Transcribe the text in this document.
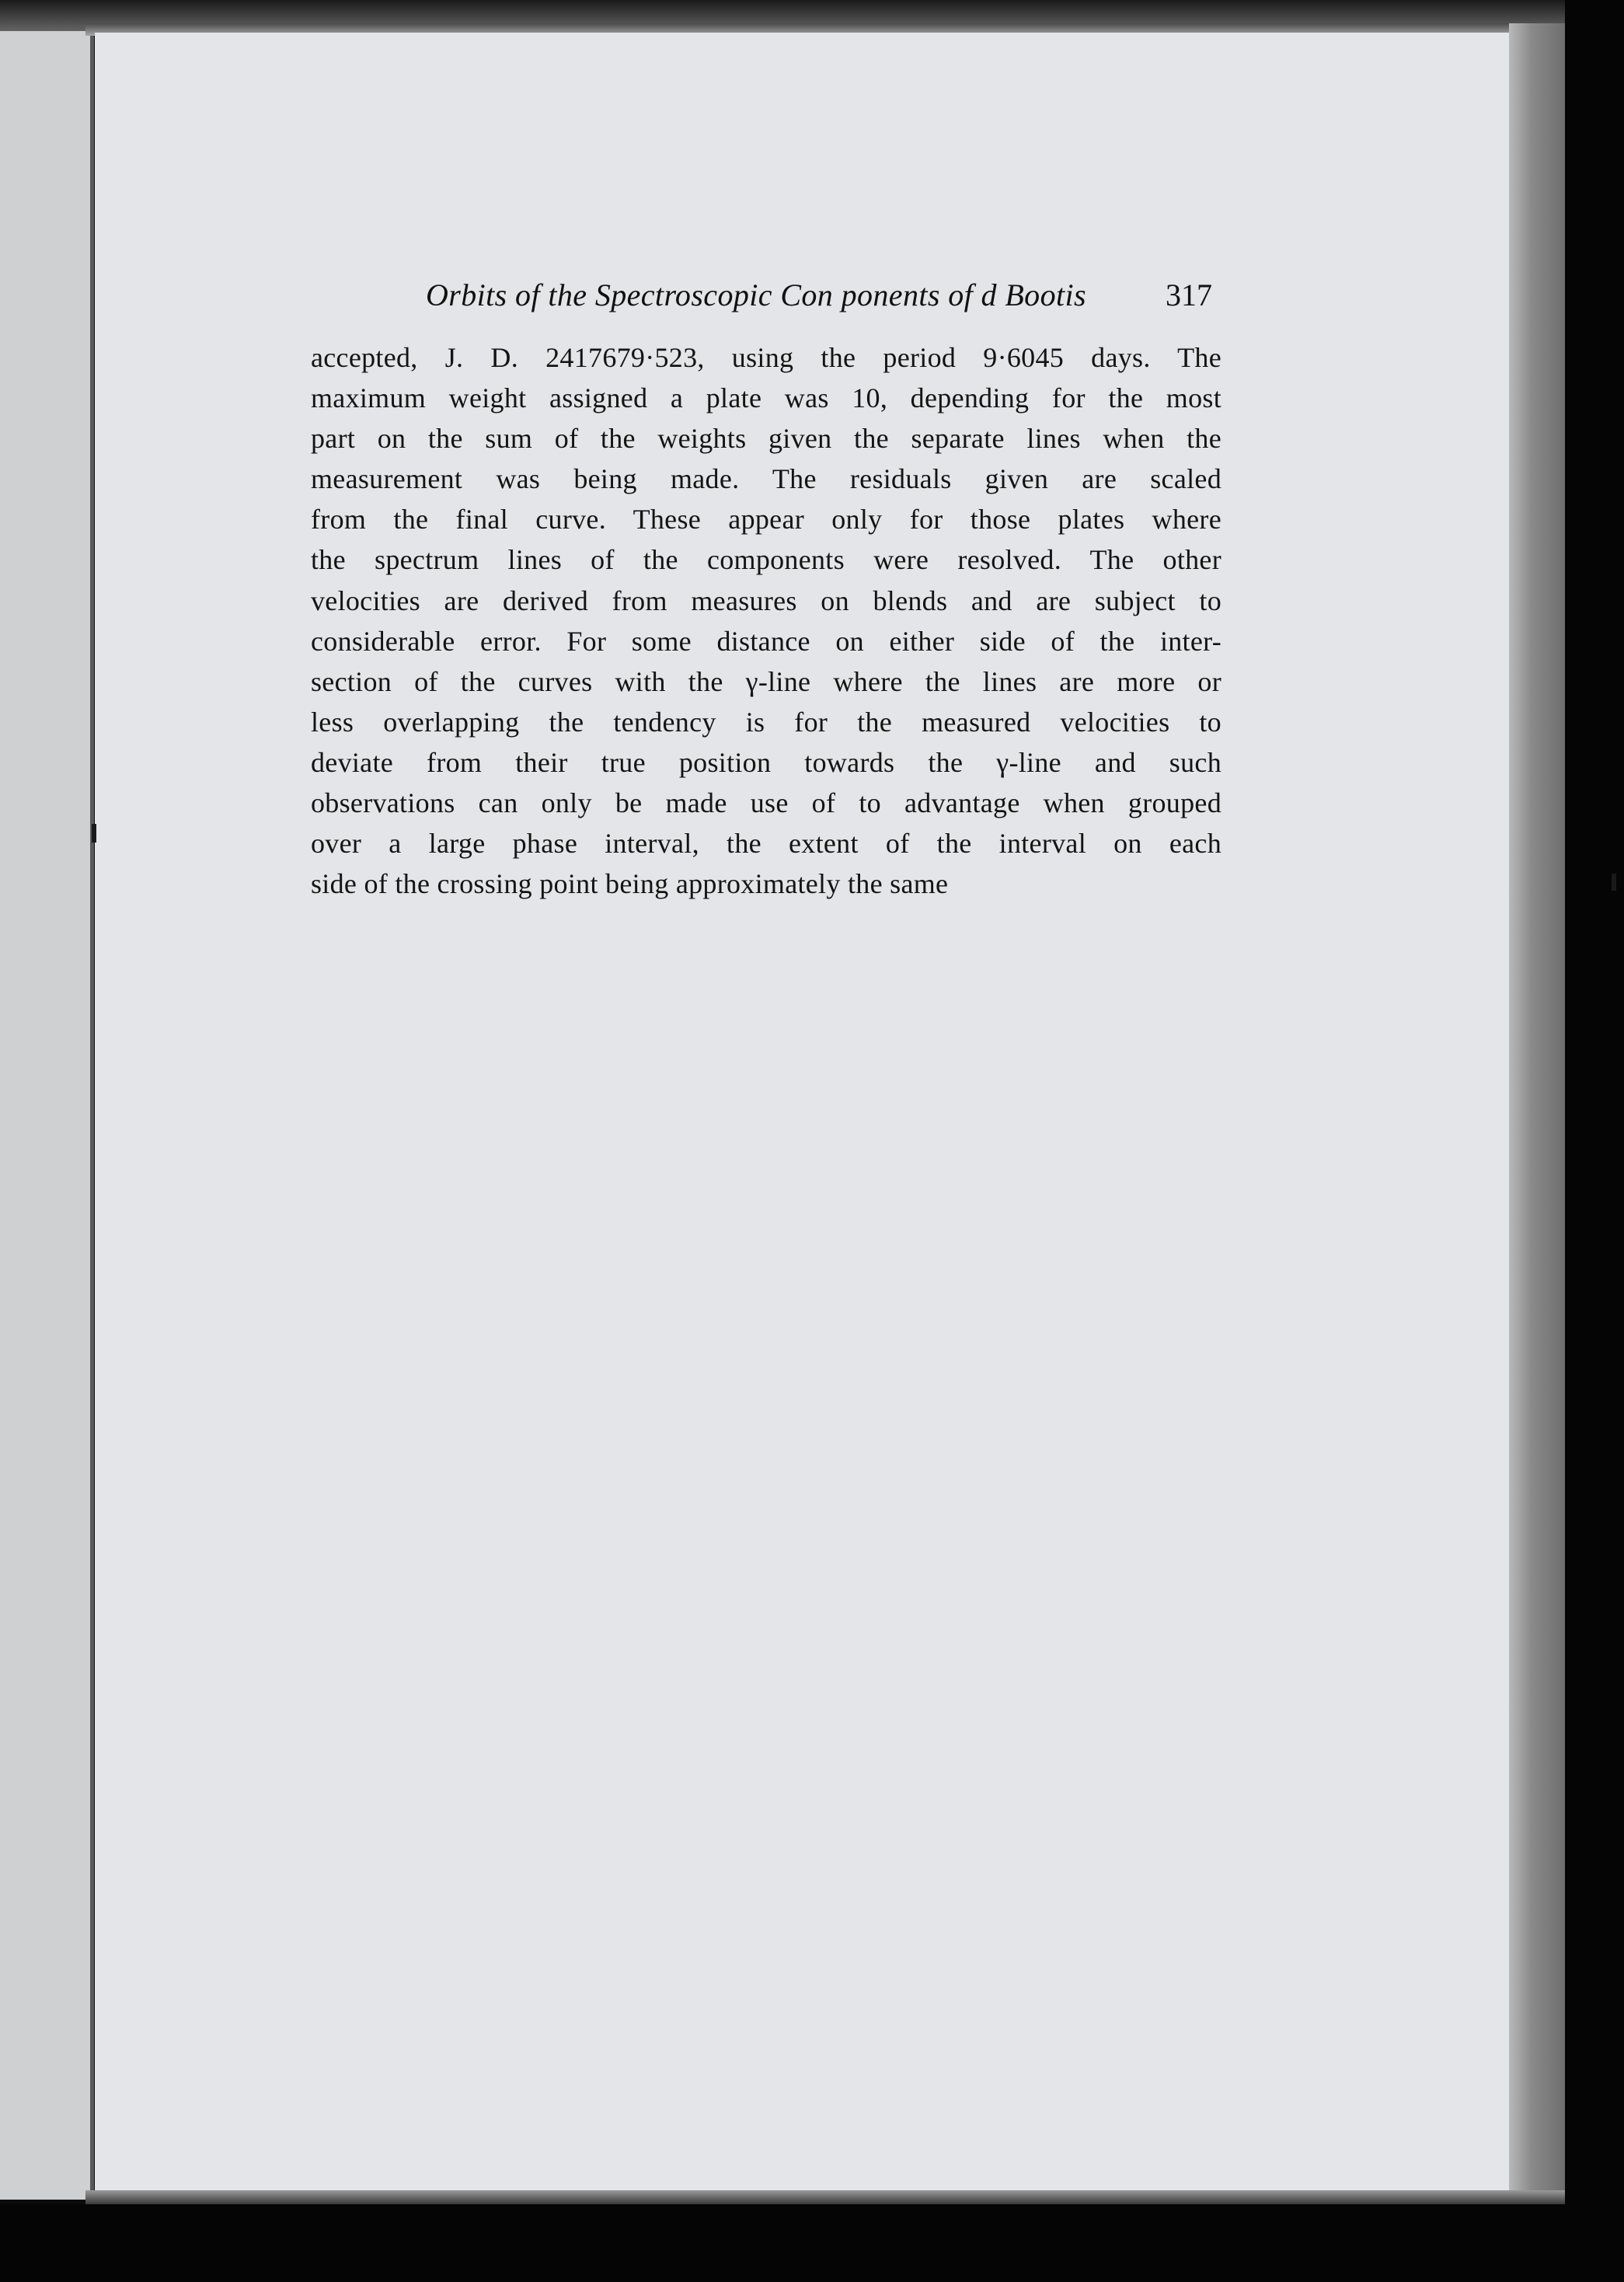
Orbits of the Spectroscopic Con ponents of d Bootis	317
accepted, J. D. 2417679·523, using the period 9·6045 days. The
maximum weight assigned a plate was 10, depending for the most
part on the sum of the weights given the separate lines when the
measurement was being made. The residuals given are scaled
from the final curve. These appear only for those plates where
the spectrum lines of the components were resolved. The other
velocities are derived from measures on blends and are subject to
considerable error. For some distance on either side of the inter-
section of the curves with the γ-line where the lines are more or
less overlapping the tendency is for the measured velocities to
deviate from their true position towards the γ-line and such
observations can only be made use of to advantage when grouped
over a large phase interval, the extent of the interval on each
side of the crossing point being approximately the same
